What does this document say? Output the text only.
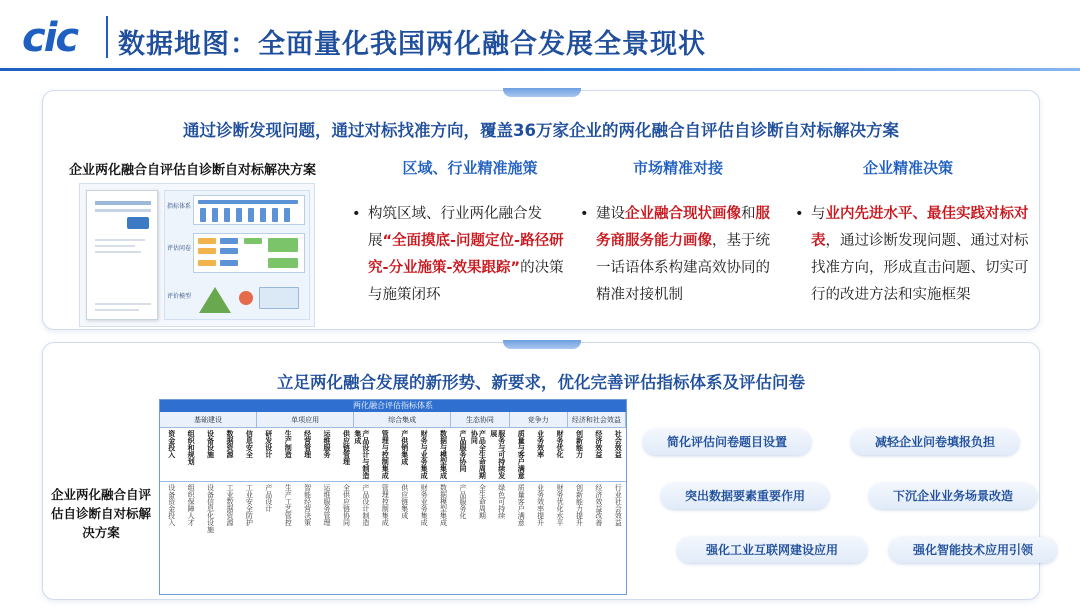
cic	数据地图：全面量化我国两化融合发展全景现状
通过诊断发现问题，通过对标找准方向，覆盖36万家企业的两化融合自评估自诊断自对标解决方案
企业两化融合自评估自诊断自对标解决方案
指标体系
评估问卷
评价模型
区域、行业精准施策
• 构筑区域、行业两化融合发展“全面摸底-问题定位-路径研究-分业施策-效果跟踪”的决策与施策闭环
市场精准对接
• 建设企业融合现状画像和服务商服务能力画像，基于统一话语体系构建高效协同的精准对接机制
企业精准决策
• 与业内先进水平、最佳实践对标对表，通过诊断发现问题、通过对标找准方向，形成直击问题、切实可行的改进方法和实施框架
立足两化融合发展的新形势、新要求，优化完善评估指标体系及评估问卷
企业两化融合自评估自诊断自对标解决方案
两化融合评估指标体系
基础建设	单项应用	综合集成	生态协同	竞争力	经济和社会效益
资金投入	组织和规划	设备设施	数据资源	信息安全	研发设计	生产制造	经营管理	运维服务	供应链管理	产品设计与制造集成	管理与控制集成	产供销集成	财务与业务集成	数据与模型集成	产品服务协同	产品全生命周期协同	服务与可持续发展	质量与客户满意	业务效率	财务优化	创新能力	经济效益	社会效益
设备资金投入	组织保障人才	设备信息化设施	工业数据资源	工业安全防护	产品设计	生产工艺管控	智能经营决策	运维服务管理	全供应链协同	产品设计制造	管理控制集成	供应链集成	财务业务集成	数据模型集成	产品服务化	全生命周期	绿色可持续	质量客户满意	业务效率提升	财务优化水平	创新能力提升	经济效益改善	行业社会效益
简化评估问卷题目设置	减轻企业问卷填报负担
突出数据要素重要作用	下沉企业业务场景改造
强化工业互联网建设应用	强化智能技术应用引领
